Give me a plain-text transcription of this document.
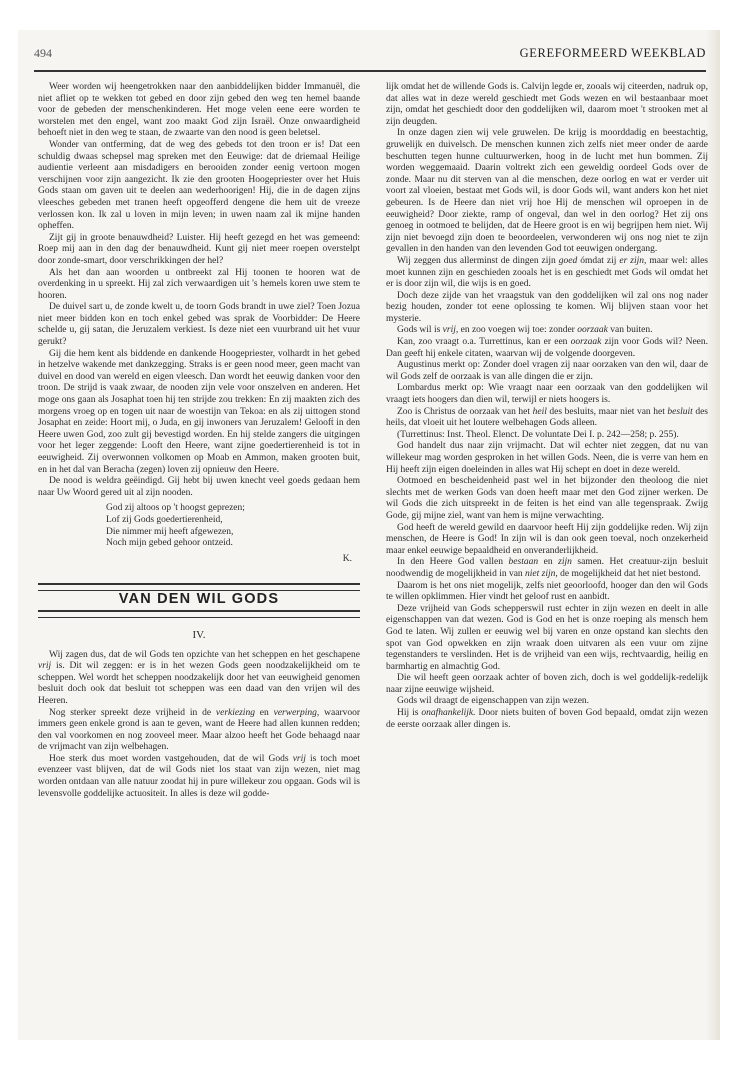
494	GEREFORMEERD WEEKBLAD

Weer worden wij heengetrokken naar den aanbiddelijken bidder Immanuël, die niet afliet op te wekken tot gebed en door zijn gebed den weg ten hemel baande voor de gebeden der menschenkinderen. Het moge velen eene eere worden te worstelen met den engel, want zoo maakt God zijn Israël. Onze onwaardigheid behoeft niet in den weg te staan, de zwaarte van den nood is geen beletsel.

Wonder van ontferming, dat de weg des gebeds tot den troon er is! Dat een schuldig dwaas schepsel mag spreken met den Eeuwige: dat de driemaal Heilige audientie verleent aan misdadigers en berooiden zonder eenig vertoon mogen verschijnen voor zijn aangezicht. Ik zie den grooten Hoogepriester over het Huis Gods staan om gaven uit te deelen aan wederhoorigen! Hij, die in de dagen zijns vleesches gebeden met tranen heeft opgeofferd dengene die hem uit de vreeze verlossen kon. Ik zal u loven in mijn leven; in uwen naam zal ik mijne handen opheffen.

Zijt gij in groote benauwdheid? Luister. Hij heeft gezegd en het was gemeend: Roep mij aan in den dag der benauwdheid. Kunt gij niet meer roepen overstelpt door zonde-smart, door verschrikkingen der hel?

Als het dan aan woorden u ontbreekt zal Hij toonen te hooren wat de overdenking in u spreekt. Hij zal zich verwaardigen uit 's hemels koren uwe stem te hooren.

De duivel sart u, de zonde kwelt u, de toorn Gods brandt in uwe ziel? Toen Jozua niet meer bidden kon en toch enkel gebed was sprak de Voorbidder: De Heere schelde u, gij satan, die Jeruzalem verkiest. Is deze niet een vuurbrand uit het vuur gerukt?

Gij die hem kent als biddende en dankende Hoogepriester, volhardt in het gebed in hetzelve wakende met dankzegging. Straks is er geen nood meer, geen macht van duivel en dood van wereld en eigen vleesch. Dan wordt het eeuwig danken voor den troon. De strijd is vaak zwaar, de nooden zijn vele voor onszelven en anderen. Het moge ons gaan als Josaphat toen hij ten strijde zou trekken: En zij maakten zich des morgens vroeg op en togen uit naar de woestijn van Tekoa: en als zij uittogen stond Josaphat en zeide: Hoort mij, o Juda, en gij inwoners van Jeruzalem! Geloofṫ in den Heere uwen God, zoo zult gij bevestigd worden. En hij stelde zangers die uitgingen voor het leger zeggende: Looft den Heere, want zijne goedertierenheid is tot in eeuwigheid. Zij overwonnen volkomen op Moab en Ammon, maken grooten buit, en in het dal van Beracha (zegen) loven zij opnieuw den Heere.

De nood is weldra geëindigd. Gij hebt bij uwen knecht veel goeds gedaan hem naar Uw Woord gered uit al zijn nooden.

God zij altoos op 't hoogst geprezen;
Lof zij Gods goedertierenheid,
Die nimmer mij heeft afgewezen,
Noch mijn gebed gehoor ontzeid.
K.
VAN DEN WIL GODS
IV.

Wij zagen dus, dat de wil Gods ten opzichte van het scheppen en het geschapene vrij is. Dit wil zeggen: er is in het wezen Gods geen noodzakelijkheid om te scheppen. Wel wordt het scheppen noodzakelijk door het van eeuwigheid genomen besluit doch ook dat besluit tot scheppen was een daad van den vrijen wil des Heeren.

Nog sterker spreekt deze vrijheid in de verkiezing en verwerping, waarvoor immers geen enkele grond is aan te geven, want de Heere had allen kunnen redden; den val voorkomen en nog zooveel meer. Maar alzoo heeft het Gode behaagd naar de vrijmacht van zijn welbehagen.

Hoe sterk dus moet worden vastgehouden, dat de wil Gods vrij is toch moet evenzeer vast blijven, dat de wil Gods niet los staat van zijn wezen, niet mag worden ontdaan van alle natuur zoodat hij in pure willekeur zou opgaan. Gods wil is levensvolle goddelijke actuositeit. In alles is deze wil godde-

lijk omdat het de willende Gods is. Calvijn legde er, zooals wij citeerden, nadruk op, dat alles wat in deze wereld geschiedt met Gods wezen en wil bestaanbaar moet zijn, omdat het geschiedt door den goddelijken wil, daarom moet 't strooken met al zijn deugden.

In onze dagen zien wij vele gruwelen. De krijg is moorddadig en beestachtig, gruwelijk en duivelsch. De menschen kunnen zich zelfs niet meer onder de aarde beschutten tegen hunne cultuurwerken, hoog in de lucht met hun bommen. Zij worden weggemaaid. Daarin voltrekt zich een geweldig oordeel Gods over de zonde. Maar nu dit sterven van al die menschen, deze oorlog en wat er verder uit voort zal vloeien, bestaat met Gods wil, is door Gods wil, want anders kon het niet gebeuren. Is de Heere dan niet vrij hoe Hij de menschen wil oproepen in de eeuwigheid? Door ziekte, ramp of ongeval, dan wel in den oorlog? Het zij ons genoeg in ootmoed te belijden, dat de Heere groot is en wij begrijpen hem niet. Wij zijn niet bevoegd zijn doen te beoordeelen, verwonderen wij ons nog niet te zijn gevallen in den handen van den levenden God tot eeuwigen ondergang.

Wij zeggen dus allerminst de dingen zijn goed ómdat zij er zijn, maar wel: alles moet kunnen zijn en geschieden zooals het is en geschiedt met Gods wil omdat het er is door zijn wil, die wijs is en goed.

Doch deze zijde van het vraagstuk van den goddelijken wil zal ons nog nader bezig houden, zonder tot eene oplossing te komen. Wij blijven staan voor het mysterie.

Gods wil is vrij, en zoo voegen wij toe: zonder oorzaak van buiten.

Kan, zoo vraagt o.a. Turrettinus, kan er een oorzaak zijn voor Gods wil? Neen. Dan geeft hij enkele citaten, waarvan wij de volgende doorgeven.

Augustinus merkt op: Zonder doel vragen zij naar oorzaken van den wil, daar de wil Gods zelf de oorzaak is van alle dingen die er zijn.

Lombardus merkt op: Wie vraagt naar een oorzaak van den goddelijken wil vraagt iets hoogers dan dien wil, terwijl er niets hoogers is.

Zoo is Christus de oorzaak van het heil des besluits, maar niet van het besluit des heils, dat vloeit uit het loutere welbehagen Gods alleen.

(Turrettinus: Inst. Theol. Elenct. De voluntate Dei I. p. 242—258; p. 255).

God handelt dus naar zijn vrijmacht. Dat wil echter niet zeggen, dat nu van willekeur mag worden gesproken in het willen Gods. Neen, die is verre van hem en Hij heeft zijn eigen doeleinden in alles wat Hij schept en doet in deze wereld.

Ootmoed en bescheidenheid past wel in het bijzonder den theoloog die niet slechts met de werken Gods van doen heeft maar met den God zijner werken. De wil Gods die zich uitspreekt in de feiten is het eind van alle tegenspraak. Zwijg Gode, gij mijne ziel, want van hem is mijne verwachting.

God heeft de wereld gewild en daarvoor heeft Hij zijn goddelijke reden. Wij zijn menschen, de Heere is God! In zijn wil is dan ook geen toeval, noch onzekerheid maar enkel eeuwige bepaaldheid en onveranderlijkheid.

In den Heere God vallen bestaan en zijn samen. Het creatuur-zijn besluit noodwendig de mogelijkheid in van niet zijn, de mogelijkheid dat het niet bestond.

Daarom is het ons niet mogelijk, zelfs niet geoorloofd, hooger dan den wil Gods te willen opklimmen. Hier vindt het geloof rust en aanbidt.

Deze vrijheid van Gods schepperswil rust echter in zijn wezen en deelt in alle eigenschappen van dat wezen. God is God en het is onze roeping als mensch hem God te laten. Wij zullen er eeuwig wel bij varen en onze opstand kan slechts den spot van God opwekken en zijn wraak doen uitvaren als een vuur om zijne tegenstanders te verslinden. Het is de vrijheid van een wijs, rechtvaardig, heilig en barmhartig en almachtig God.

Die wil heeft geen oorzaak achter of boven zich, doch is wel goddelijk-redelijk naar zijne eeuwige wijsheid.

Gods wil draagt de eigenschappen van zijn wezen.

Hij is onafhankelijk. Door niets buiten of boven God bepaald, omdat zijn wezen de eerste oorzaak aller dingen is.
